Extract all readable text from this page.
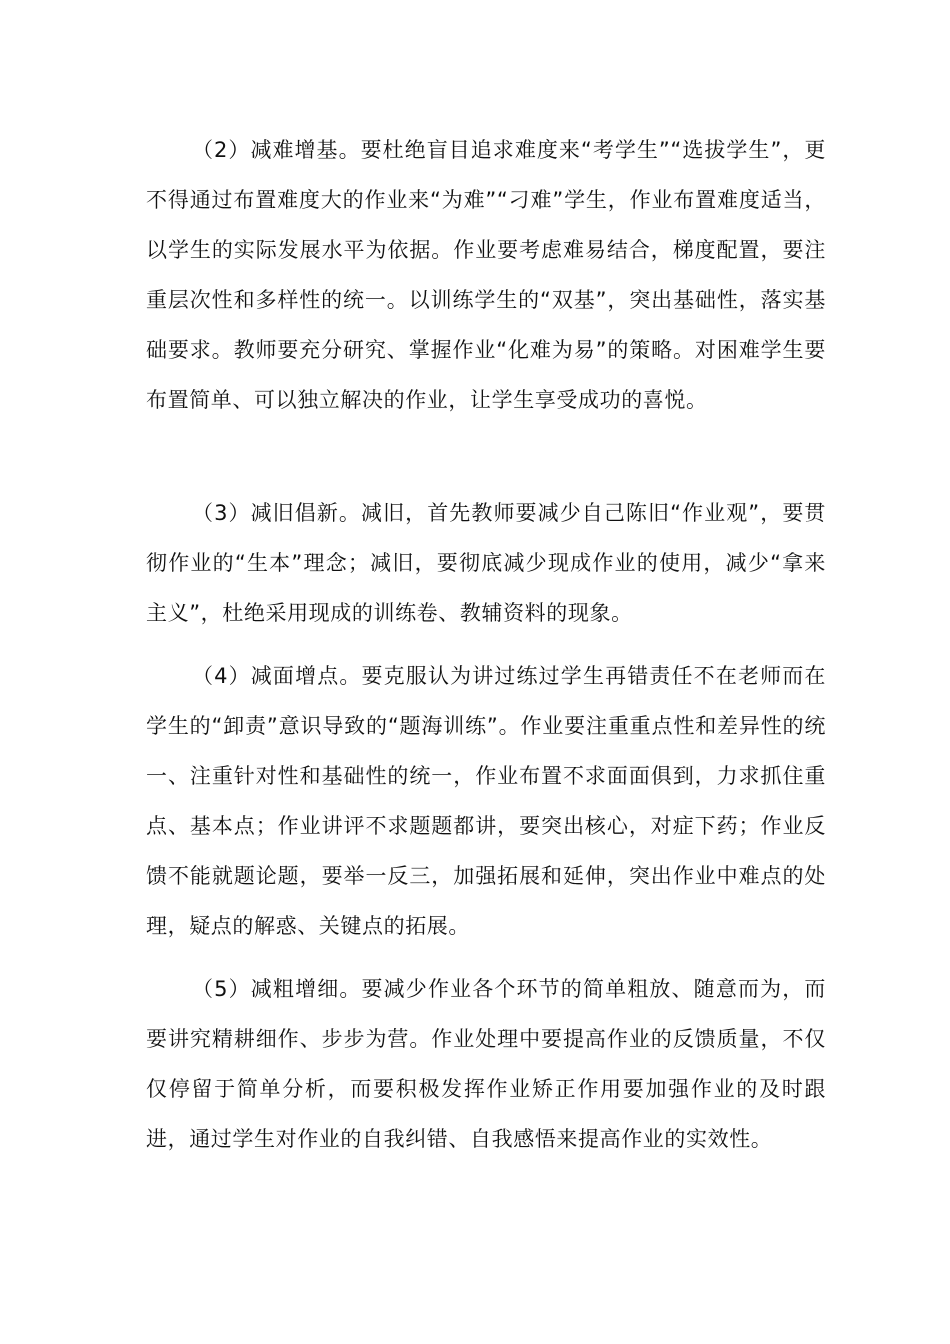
（2）减难增基。要杜绝盲目追求难度来“考学生”“选拔学生”，更不得通过布置难度大的作业来“为难”“刁难”学生，作业布置难度适当，以学生的实际发展水平为依据。作业要考虑难易结合，梯度配置，要注重层次性和多样性的统一。以训练学生的“双基”，突出基础性，落实基础要求。教师要充分研究、掌握作业“化难为易”的策略。对困难学生要布置简单、可以独立解决的作业，让学生享受成功的喜悦。

（3）减旧倡新。减旧，首先教师要减少自己陈旧“作业观”，要贯彻作业的“生本”理念；减旧，要彻底减少现成作业的使用，减少“拿来主义”，杜绝采用现成的训练卷、教辅资料的现象。

（4）减面增点。要克服认为讲过练过学生再错责任不在老师而在学生的“卸责”意识导致的“题海训练”。作业要注重重点性和差异性的统一、注重针对性和基础性的统一，作业布置不求面面俱到，力求抓住重点、基本点；作业讲评不求题题都讲，要突出核心，对症下药；作业反馈不能就题论题，要举一反三，加强拓展和延伸，突出作业中难点的处理，疑点的解惑、关键点的拓展。

（5）减粗增细。要减少作业各个环节的简单粗放、随意而为，而要讲究精耕细作、步步为营。作业处理中要提高作业的反馈质量，不仅仅停留于简单分析，而要积极发挥作业矫正作用要加强作业的及时跟进，通过学生对作业的自我纠错、自我感悟来提高作业的实效性。
